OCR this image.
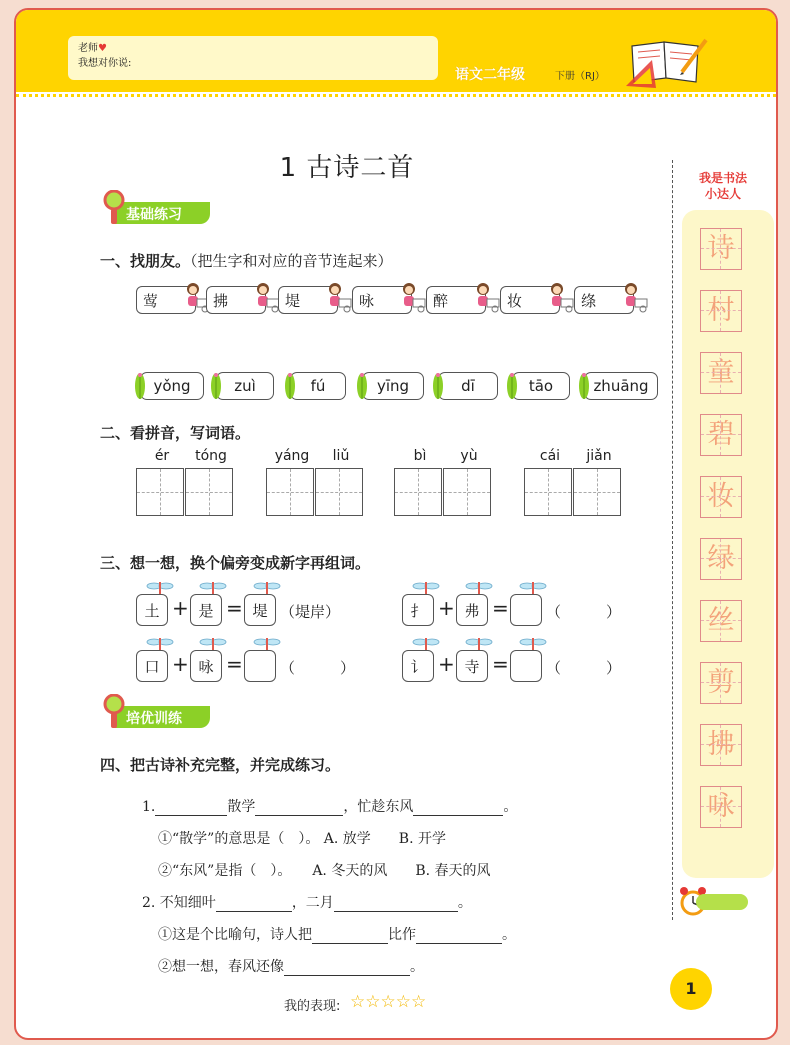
老师♥
我想对你说:
语文二年级	下册（RJ）
1 古诗二首
基础练习
一、找朋友。（把生字和对应的音节连起来）
二、看拼音，写词语。
三、想一想，换个偏旁变成新字再组词。
培优训练
四、把古诗补充完整，并完成练习。
1.	散学	，忙趁东风	。
①“散学”的意思是（　）。 A. 放学　　B. 开学
②“东风”是指（　）。　　A. 冬天的风　　B. 春天的风
2. 不知细叶	，二月	。
①这是个比喻句，诗人把	比作	。
②想一想，春风还像	。
我是书法
小达人
我的表现: ☆☆☆☆☆
1
莺	拂	堤	咏	醉	妆	绦
yǒng	zuì	fú	yīng	dī	tāo	zhuāng
ér	tóng	yáng	liǔ	bì	yù	cái	jiǎn
土 + 是 = 堤 （堤岸）	扌 + 弗 = （　　　）
口 + 咏 = （　　　）	讠 + 寺 = （　　　）
诗
村
童
碧
妆
绿
丝
剪
拂
咏
